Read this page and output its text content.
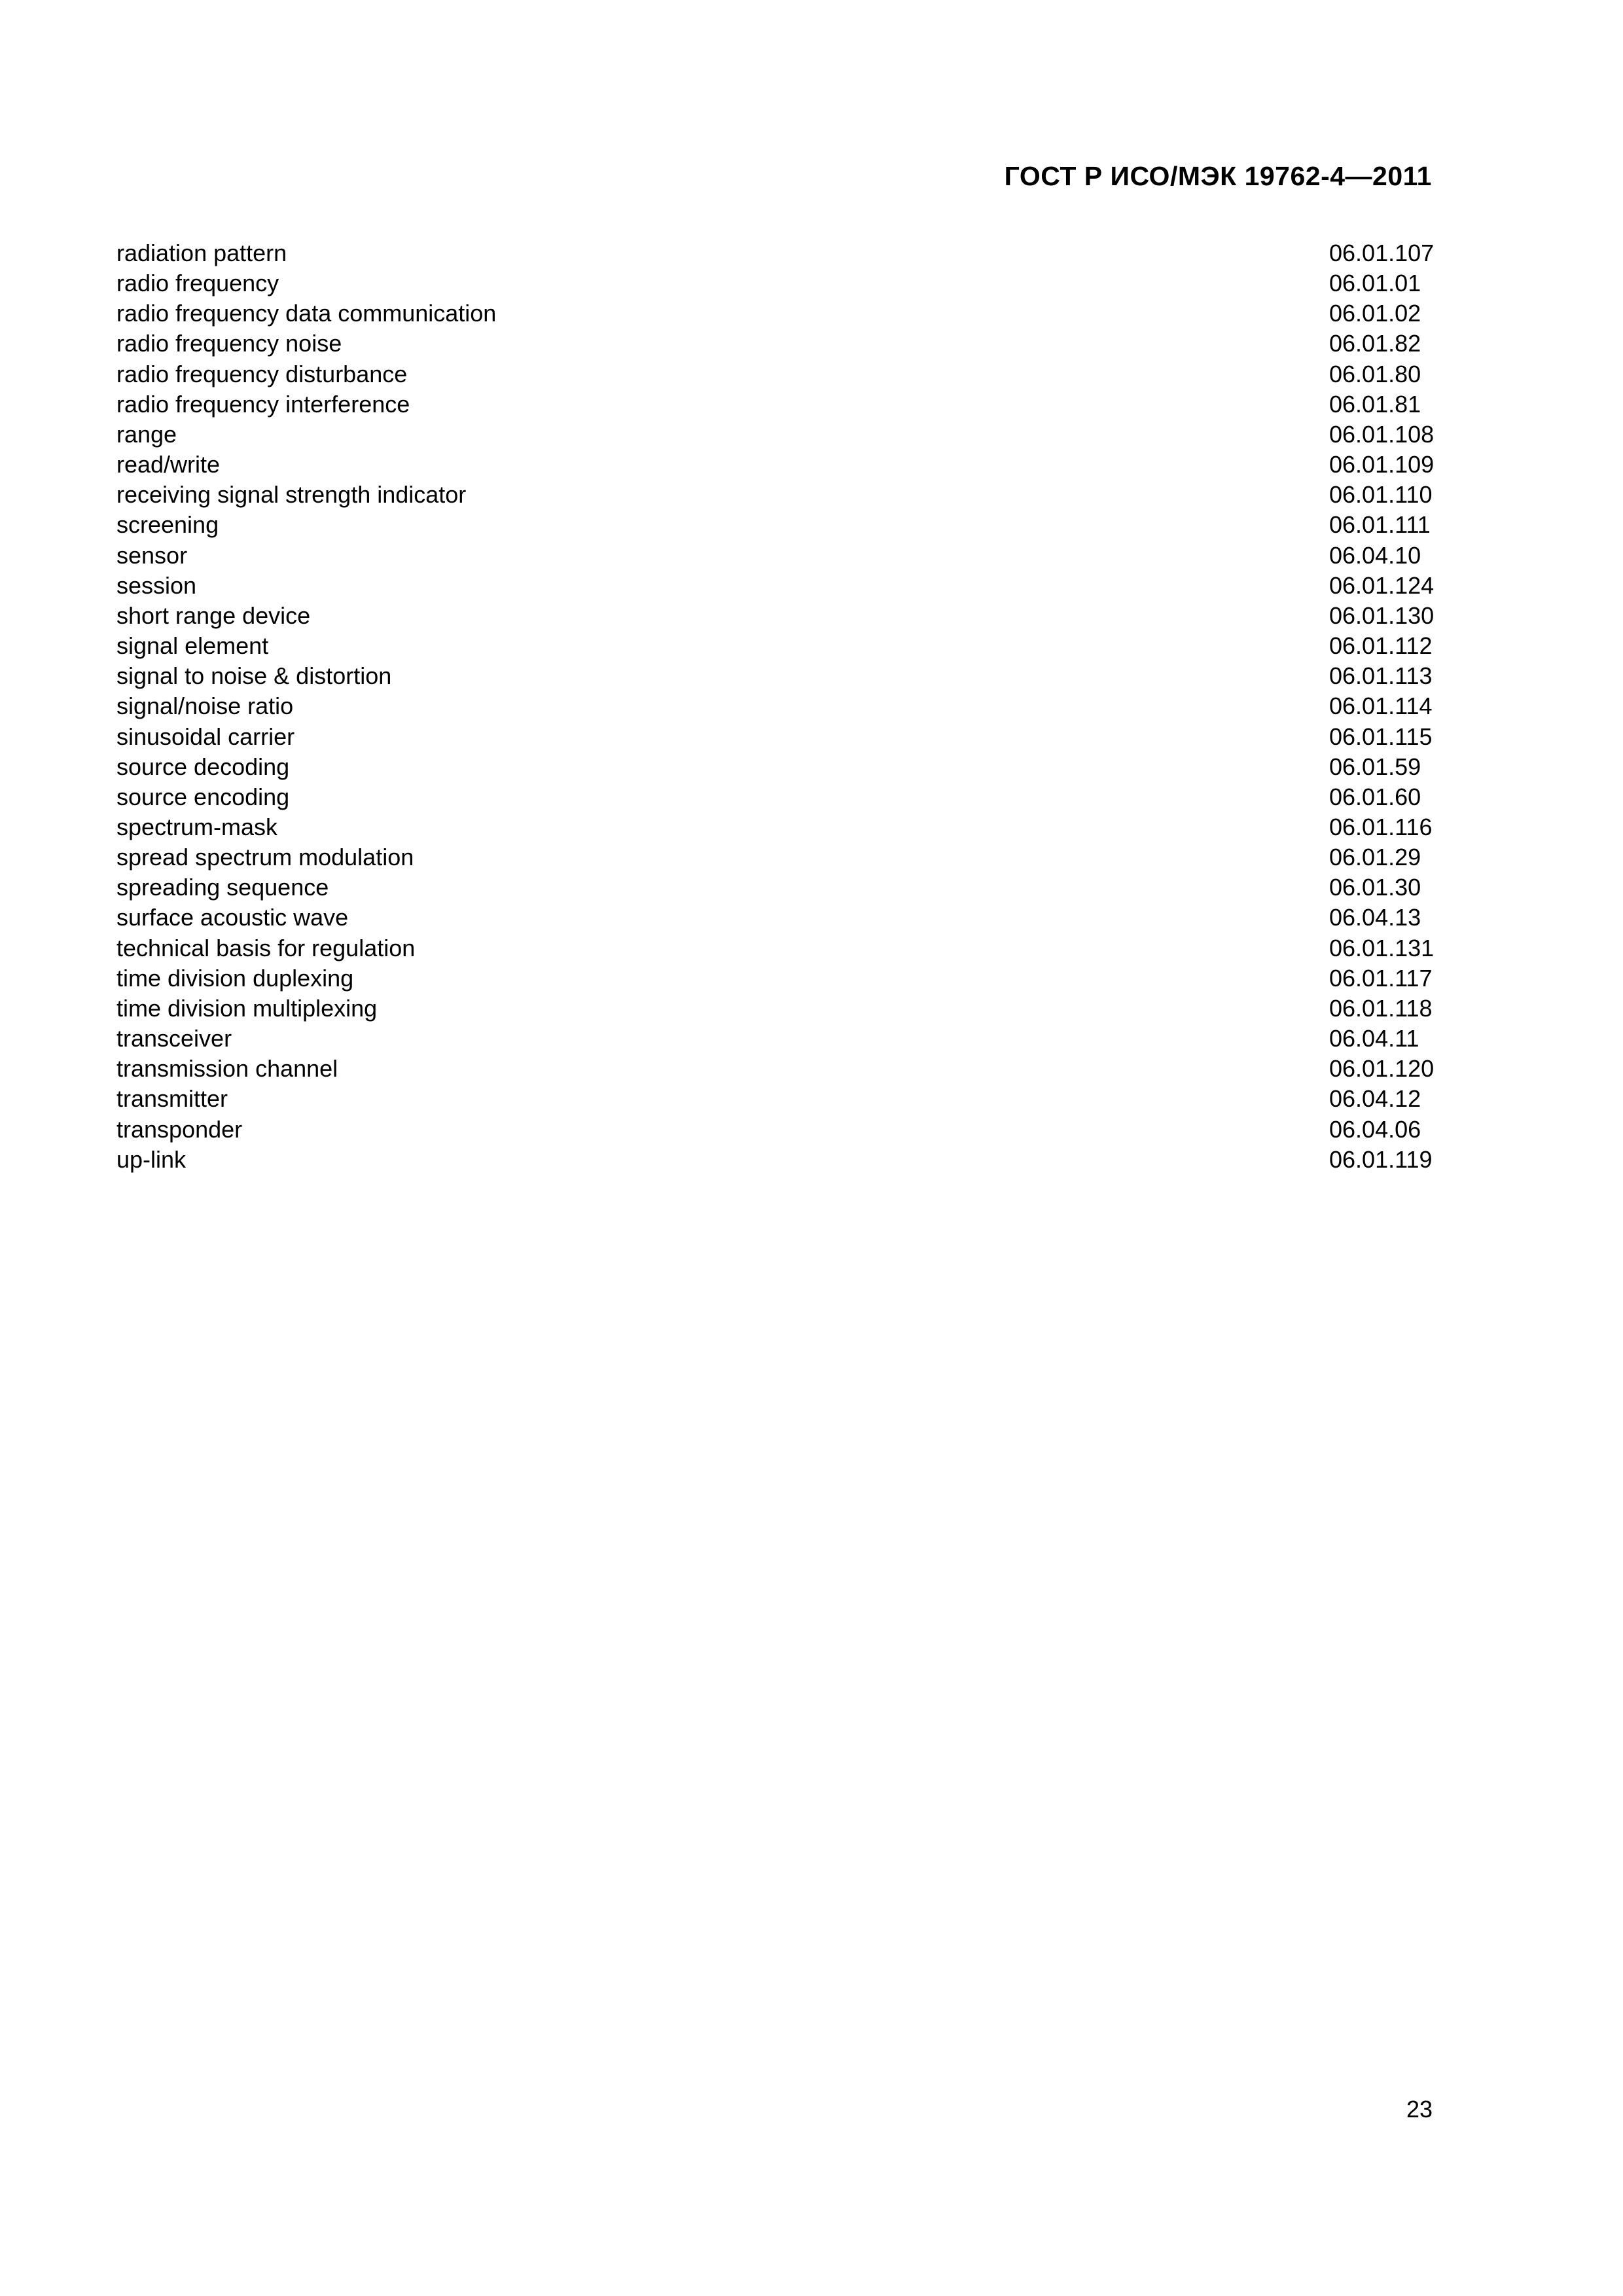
ГОСТ Р ИСО/МЭК 19762-4—2011
radiation pattern	06.01.107
radio frequency	06.01.01
radio frequency data communication	06.01.02
radio frequency noise	06.01.82
radio frequency disturbance	06.01.80
radio frequency interference	06.01.81
range	06.01.108
read/write	06.01.109
receiving signal strength indicator	06.01.110
screening	06.01.111
sensor	06.04.10
session	06.01.124
short range device	06.01.130
signal element	06.01.112
signal to noise & distortion	06.01.113
signal/noise ratio	06.01.114
sinusoidal carrier	06.01.115
source decoding	06.01.59
source encoding	06.01.60
spectrum-mask	06.01.116
spread spectrum modulation	06.01.29
spreading sequence	06.01.30
surface acoustic wave	06.04.13
technical basis for regulation	06.01.131
time division duplexing	06.01.117
time division multiplexing	06.01.118
transceiver	06.04.11
transmission channel	06.01.120
transmitter	06.04.12
transponder	06.04.06
up-link	06.01.119
23
